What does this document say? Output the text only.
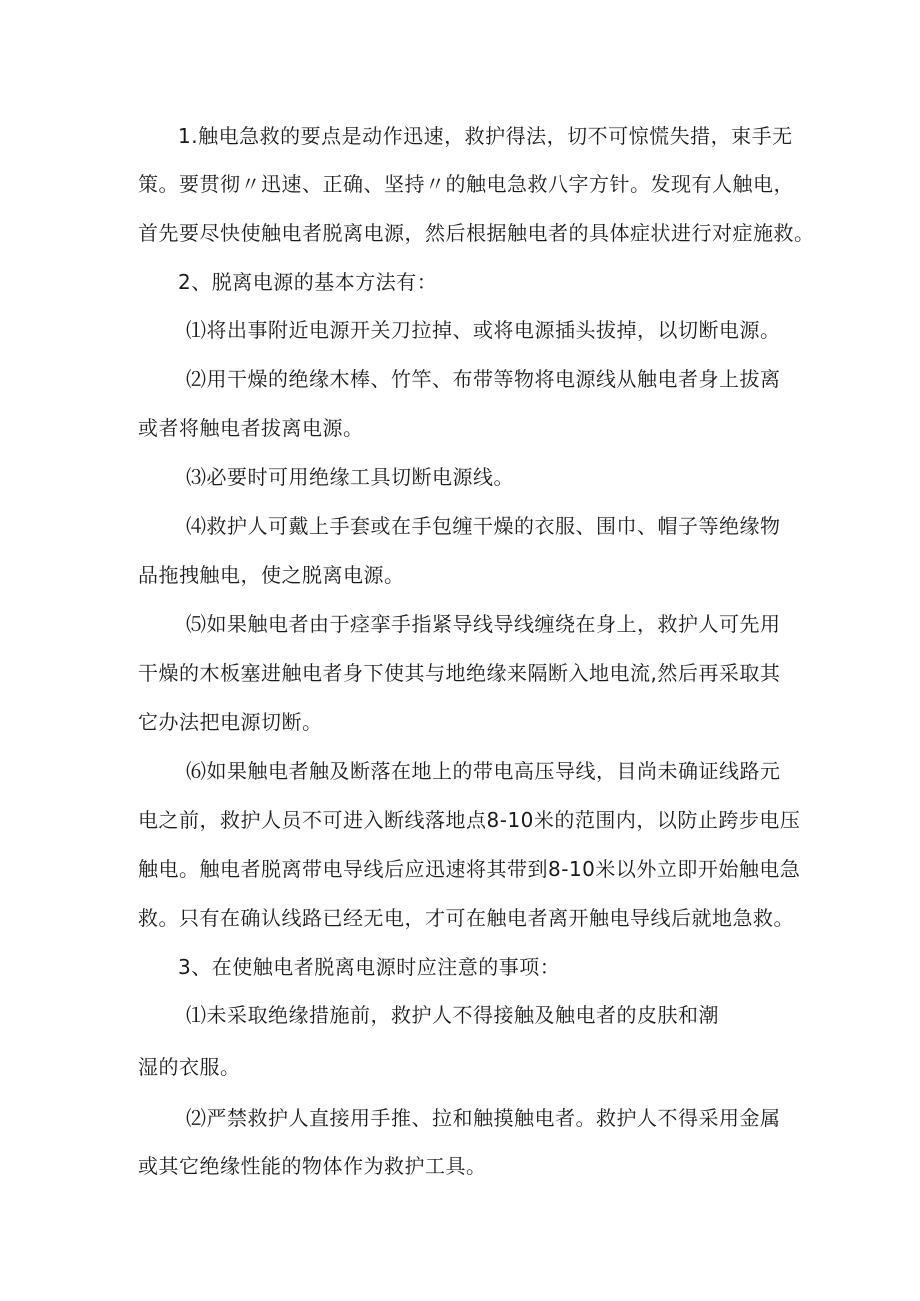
1.触电急救的要点是动作迅速，救护得法，切不可惊慌失措，束手无
策。要贯彻〃迅速、正确、坚持〃的触电急救八字方针。发现有人触电，
首先要尽快使触电者脱离电源，然后根据触电者的具体症状进行对症施救。
2、脱离电源的基本方法有：
⑴将出事附近电源开关刀拉掉、或将电源插头拔掉，以切断电源。
⑵用干燥的绝缘木棒、竹竿、布带等物将电源线从触电者身上拔离
或者将触电者拔离电源。
⑶必要时可用绝缘工具切断电源线。
⑷救护人可戴上手套或在手包缠干燥的衣服、围巾、帽子等绝缘物
品拖拽触电，使之脱离电源。
⑸如果触电者由于痉挛手指紧导线导线缠绕在身上，救护人可先用
干燥的木板塞进触电者身下使其与地绝缘来隔断入地电流,然后再采取其
它办法把电源切断。
⑹如果触电者触及断落在地上的带电高压导线，目尚未确证线路元
电之前，救护人员不可进入断线落地点8-10米的范围内，以防止跨步电压
触电。触电者脱离带电导线后应迅速将其带到8-10米以外立即开始触电急
救。只有在确认线路已经无电，才可在触电者离开触电导线后就地急救。
3、在使触电者脱离电源时应注意的事项：
⑴未采取绝缘措施前，救护人不得接触及触电者的皮肤和潮
湿的衣服。
⑵严禁救护人直接用手推、拉和触摸触电者。救护人不得采用金属
或其它绝缘性能的物体作为救护工具。
